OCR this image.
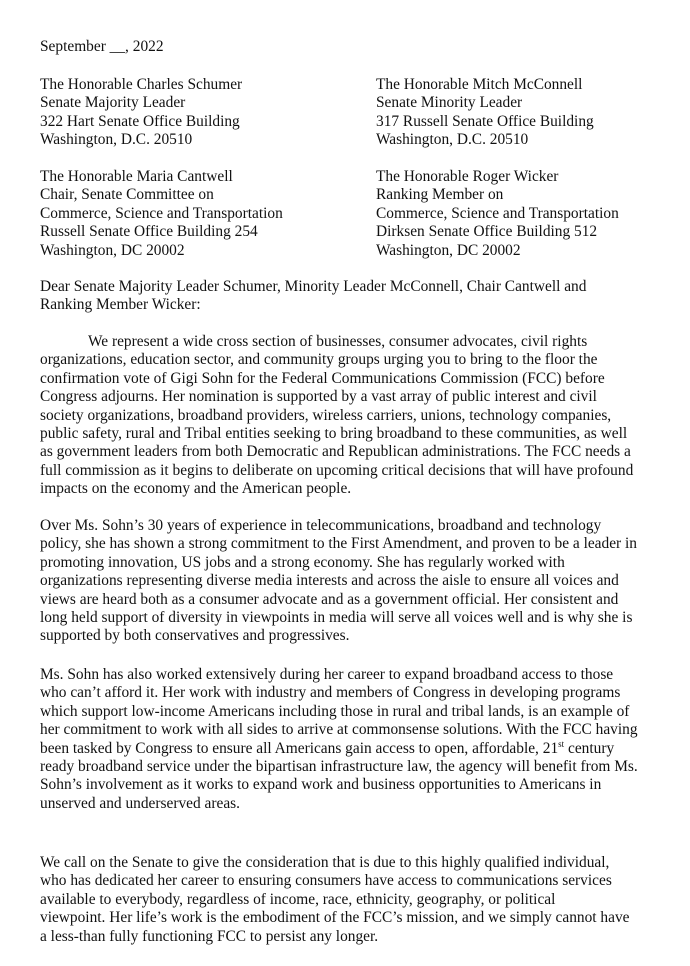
September __, 2022
The Honorable Charles Schumer
Senate Majority Leader
322 Hart Senate Office Building
Washington, D.C. 20510
The Honorable Mitch McConnell
Senate Minority Leader
317 Russell Senate Office Building
Washington, D.C. 20510
The Honorable Maria Cantwell
Chair, Senate Committee on
Commerce, Science and Transportation
Russell Senate Office Building 254
Washington, DC 20002
The Honorable Roger Wicker
Ranking Member on
Commerce, Science and Transportation
Dirksen Senate Office Building 512
Washington, DC 20002
Dear Senate Majority Leader Schumer, Minority Leader McConnell, Chair Cantwell and
Ranking Member Wicker:
We represent a wide cross section of businesses, consumer advocates, civil rights
organizations, education sector, and community groups urging you to bring to the floor the
confirmation vote of Gigi Sohn for the Federal Communications Commission (FCC) before
Congress adjourns. Her nomination is supported by a vast array of public interest and civil
society organizations, broadband providers, wireless carriers, unions, technology companies,
public safety, rural and Tribal entities seeking to bring broadband to these communities, as well
as government leaders from both Democratic and Republican administrations. The FCC needs a
full commission as it begins to deliberate on upcoming critical decisions that will have profound
impacts on the economy and the American people.
Over Ms. Sohn’s 30 years of experience in telecommunications, broadband and technology
policy, she has shown a strong commitment to the First Amendment, and proven to be a leader in
promoting innovation, US jobs and a strong economy. She has regularly worked with
organizations representing diverse media interests and across the aisle to ensure all voices and
views are heard both as a consumer advocate and as a government official. Her consistent and
long held support of diversity in viewpoints in media will serve all voices well and is why she is
supported by both conservatives and progressives.
Ms. Sohn has also worked extensively during her career to expand broadband access to those
who can’t afford it. Her work with industry and members of Congress in developing programs
which support low-income Americans including those in rural and tribal lands, is an example of
her commitment to work with all sides to arrive at commonsense solutions. With the FCC having
been tasked by Congress to ensure all Americans gain access to open, affordable, 21st century
ready broadband service under the bipartisan infrastructure law, the agency will benefit from Ms.
Sohn’s involvement as it works to expand work and business opportunities to Americans in
unserved and underserved areas.
We call on the Senate to give the consideration that is due to this highly qualified individual,
who has dedicated her career to ensuring consumers have access to communications services
available to everybody, regardless of income, race, ethnicity, geography, or political
viewpoint. Her life’s work is the embodiment of the FCC’s mission, and we simply cannot have
a less-than fully functioning FCC to persist any longer.
